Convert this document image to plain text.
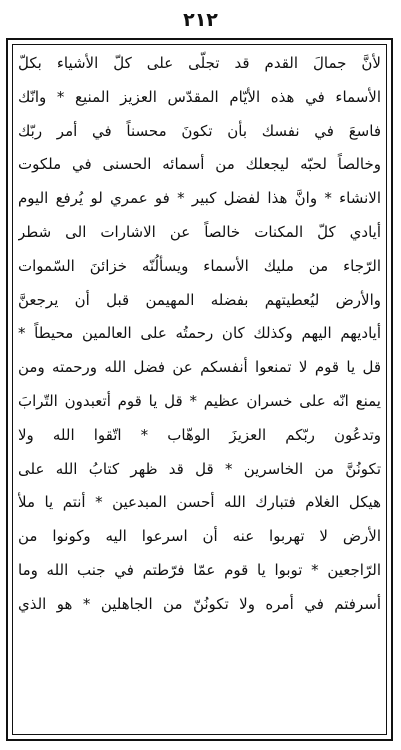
۲۱۲
لأنَّ جمالَ القدم قد تجلّى على كلّ الأشياء بكلّ
الأسماء في هذه الأيّام المقدّس العزيز المنيع * وانّك
فاسعَ في نفسك بأن تكونَ محسناً في أمر ربّك
وخالصاً لحبّه ليجعلك من أسمائه الحسنى في ملكوت
الانشاء * وانَّ هذا لفضل كبير * فو عمري لو يُرفع اليوم
أيادي كلّ المكنات خالصاً عن الاشارات الى شطر
الرّجاء من مليك الأسماء ويسألُنّه خزائنَ السّموات
والأرض ليُعطيتهم بفضله المهيمن قبل أن يرجعنَّ
أياديهم اليهم وكذلك كان رحمتُه على العالمين محيطاً *
قل يا قوم لا تمنعوا أنفسكم عن فضل الله ورحمته ومن
يمنع انّه على خسران عظيم * قل يا قوم أتعبدون التّرابَ
وتدعُون ربّكم العزيزَ الوهّاب * اتّقوا الله ولا
تكونُنَّ من الخاسرين * قل قد ظهر كتابُ الله على
هيكل الغلام فتبارك الله أحسن المبدعين * أنتم يا ملأ
الأرض لا تهربوا عنه أن اسرعوا اليه وكونوا من
الرّاجعين * توبوا يا قوم عمّا فرّطتم في جنب الله وما
أسرفتم في أمره ولا تكونُنّ من الجاهلين * هو الذي
